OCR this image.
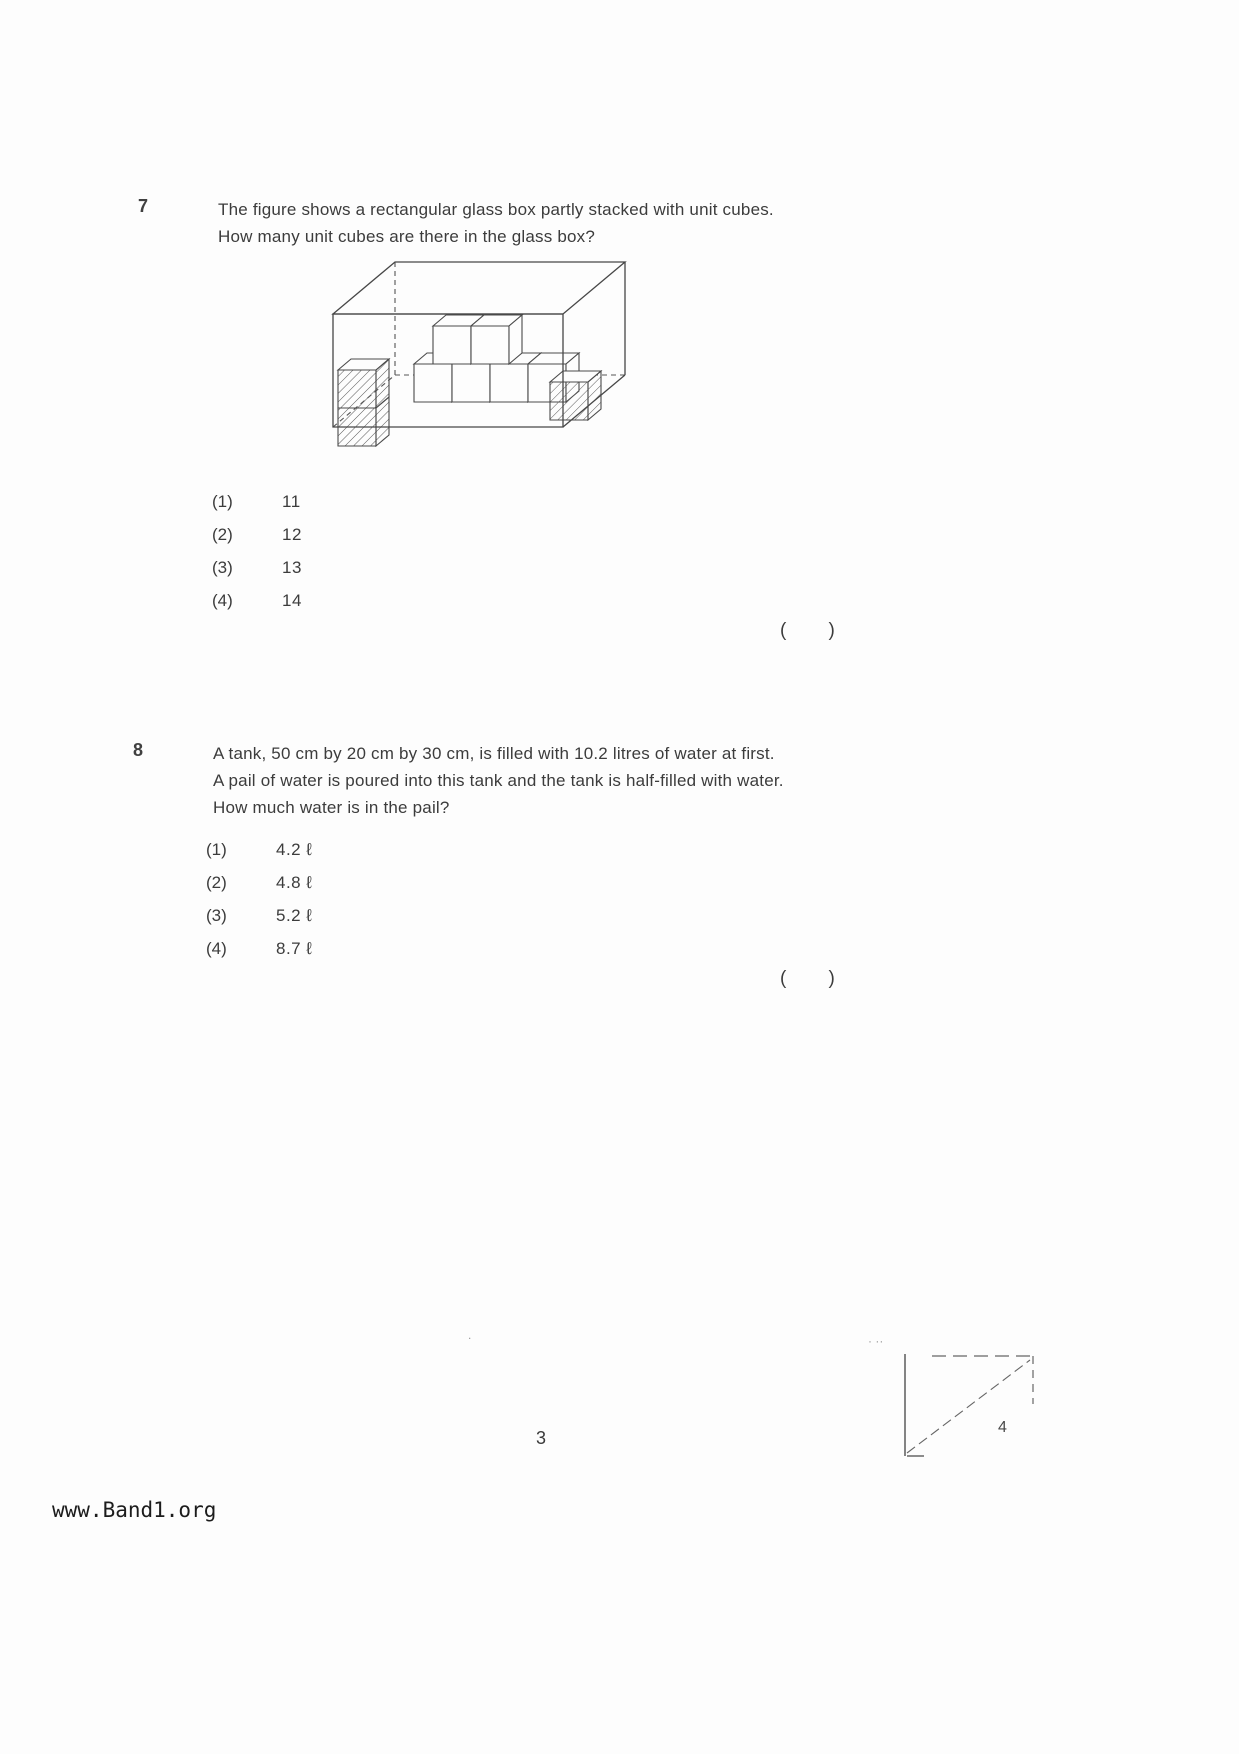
7	The figure shows a rectangular glass box partly stacked with unit cubes.
How many unit cubes are there in the glass box?
(1)	11
(2)	12
(3)	13
(4)	14
(        )
8	A tank, 50 cm by 20 cm by 30 cm, is filled with 10.2 litres of water at first.
A pail of water is poured into this tank and the tank is half-filled with water.
How much water is in the pail?
(1)	4.2 ℓ
(2)	4.8 ℓ
(3)	5.2 ℓ
(4)	8.7 ℓ
(        )
.	· ··
4
3
www.Band1.org
